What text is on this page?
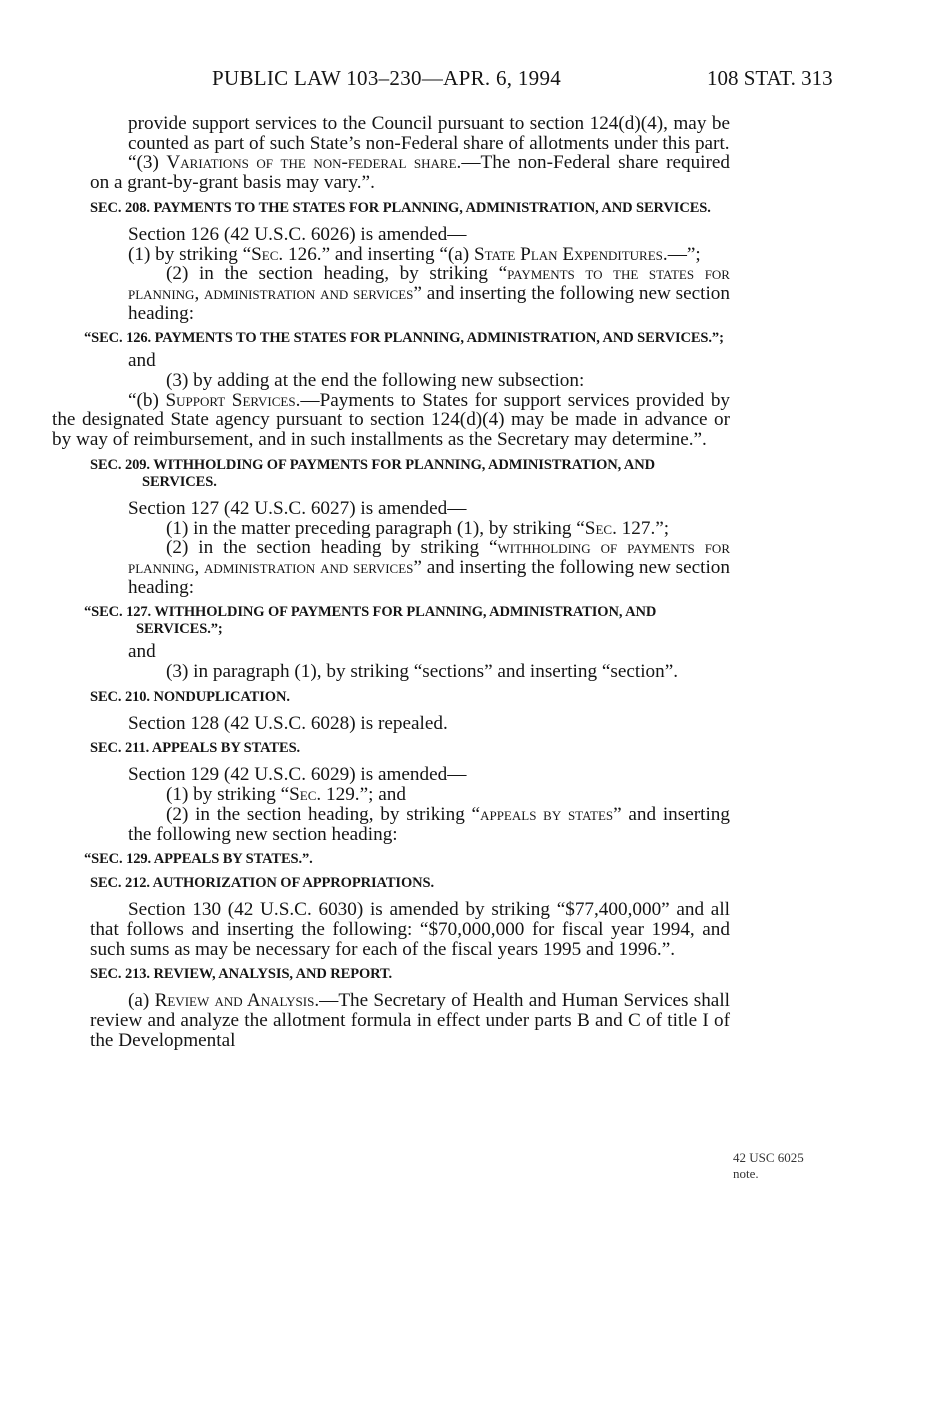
PUBLIC LAW 103–230—APR. 6, 1994	108 STAT. 313

provide support services to the Council pursuant to section 124(d)(4), may be counted as part of such State’s non-Federal share of allotments under this part.

“(3) Variations of the non-federal share.—The non-Federal share required on a grant-by-grant basis may vary.”.

SEC. 208. PAYMENTS TO THE STATES FOR PLANNING, ADMINISTRATION, AND SERVICES.

Section 126 (42 U.S.C. 6026) is amended—

(1) by striking “Sec. 126.” and inserting “(a) State Plan Expenditures.—”;

(2) in the section heading, by striking “payments to the states for planning, administration and services” and inserting the following new section heading:

“SEC. 126. PAYMENTS TO THE STATES FOR PLANNING, ADMINISTRATION, AND SERVICES.”;

and

(3) by adding at the end the following new subsection:

“(b) Support Services.—Payments to States for support services provided by the designated State agency pursuant to section 124(d)(4) may be made in advance or by way of reimbursement, and in such installments as the Secretary may determine.”.

SEC. 209. WITHHOLDING OF PAYMENTS FOR PLANNING, ADMINISTRATION, AND SERVICES.

Section 127 (42 U.S.C. 6027) is amended—

(1) in the matter preceding paragraph (1), by striking “Sec. 127.”;

(2) in the section heading by striking “withholding of payments for planning, administration and services” and inserting the following new section heading:

“SEC. 127. WITHHOLDING OF PAYMENTS FOR PLANNING, ADMINISTRATION, AND SERVICES.”;

and

(3) in paragraph (1), by striking “sections” and inserting “section”.

SEC. 210. NONDUPLICATION.

Section 128 (42 U.S.C. 6028) is repealed.

SEC. 211. APPEALS BY STATES.

Section 129 (42 U.S.C. 6029) is amended—

(1) by striking “Sec. 129.”; and

(2) in the section heading, by striking “appeals by states” and inserting the following new section heading:

“SEC. 129. APPEALS BY STATES.”.

SEC. 212. AUTHORIZATION OF APPROPRIATIONS.

Section 130 (42 U.S.C. 6030) is amended by striking “$77,400,000” and all that follows and inserting the following: “$70,000,000 for fiscal year 1994, and such sums as may be necessary for each of the fiscal years 1995 and 1996.”.

SEC. 213. REVIEW, ANALYSIS, AND REPORT.

(a) Review and Analysis.—The Secretary of Health and Human Services shall review and analyze the allotment formula in effect under parts B and C of title I of the Developmental

42 USC 6025
note.
